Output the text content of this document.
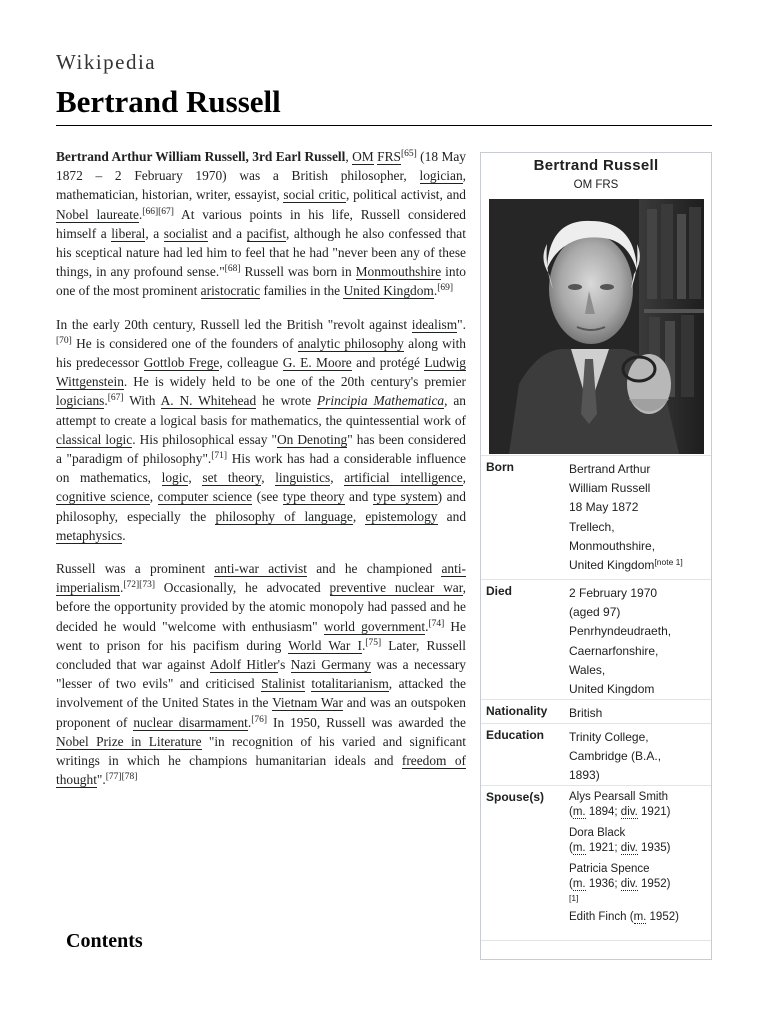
Wikipedia
Bertrand Russell

Bertrand Arthur William Russell, 3rd Earl Russell, OM FRS[65] (18 May 1872 – 2 February 1970) was a British philosopher, logician, mathematician, historian, writer, essayist, social critic, political activist, and Nobel laureate.[66][67] At various points in his life, Russell considered himself a liberal, a socialist and a pacifist, although he also confessed that his sceptical nature had led him to feel that he had "never been any of these things, in any profound sense."[68] Russell was born in Monmouthshire into one of the most prominent aristocratic families in the United Kingdom.[69]

In the early 20th century, Russell led the British "revolt against idealism".[70] He is considered one of the founders of analytic philosophy along with his predecessor Gottlob Frege, colleague G. E. Moore and protégé Ludwig Wittgenstein. He is widely held to be one of the 20th century's premier logicians.[67] With A. N. Whitehead he wrote Principia Mathematica, an attempt to create a logical basis for mathematics, the quintessential work of classical logic. His philosophical essay "On Denoting" has been considered a "paradigm of philosophy".[71] His work has had a considerable influence on mathematics, logic, set theory, linguistics, artificial intelligence, cognitive science, computer science (see type theory and type system) and philosophy, especially the philosophy of language, epistemology and metaphysics.

Russell was a prominent anti-war activist and he championed anti-imperialism.[72][73] Occasionally, he advocated preventive nuclear war, before the opportunity provided by the atomic monopoly had passed and he decided he would "welcome with enthusiasm" world government.[74] He went to prison for his pacifism during World War I.[75] Later, Russell concluded that war against Adolf Hitler's Nazi Germany was a necessary "lesser of two evils" and criticised Stalinist totalitarianism, attacked the involvement of the United States in the Vietnam War and was an outspoken proponent of nuclear disarmament.[76] In 1950, Russell was awarded the Nobel Prize in Literature "in recognition of his varied and significant writings in which he champions humanitarian ideals and freedom of thought".[77][78]

Contents
Bertrand Russell
OM FRS
Born	Bertrand Arthur
William Russell
18 May 1872
Trellech,
Monmouthshire,
United Kingdom[note 1]
Died	2 February 1970
(aged 97)
Penrhyndeudraeth,
Caernarfonshire,
Wales,
United Kingdom
Nationality British
Education Trinity College,
Cambridge (B.A.,
1893)
Spouse(s) Alys Pearsall Smith
(m. 1894; div. 1921)
Dora Black
(m. 1921; div. 1935)
Patricia Spence
(m. 1936; div. 1952)
[1]
Edith Finch (m. 1952)
